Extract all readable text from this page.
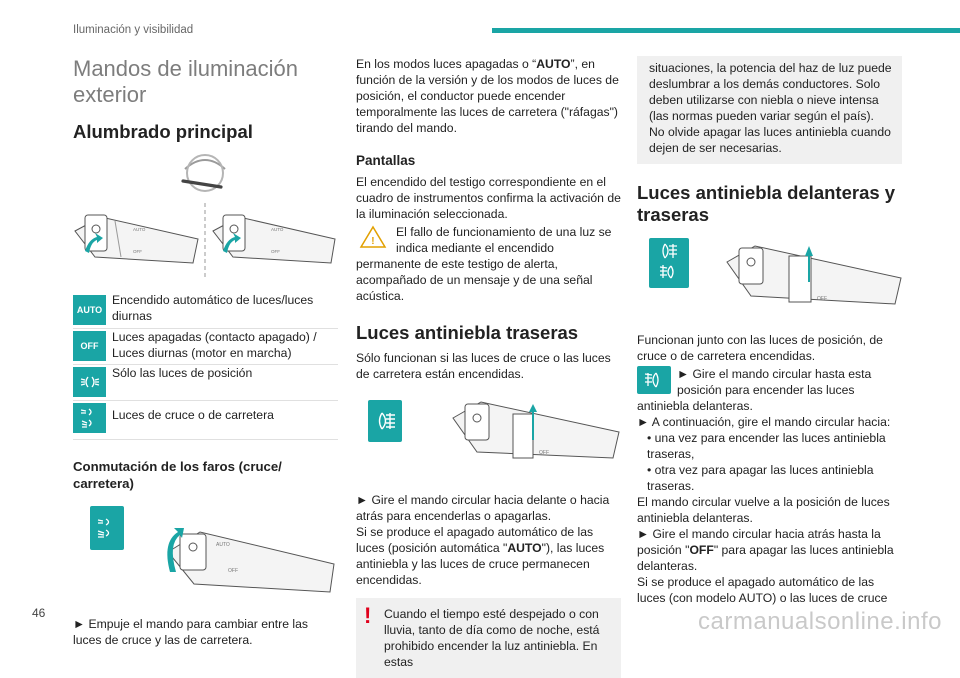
Iluminación y visibilidad
Mandos de iluminación exterior
Alumbrado principal

AUTO
OFF
AUTO
OFF
AUTO
Encendido automático de luces/luces diurnas
OFF
Luces apagadas (contacto apagado) / Luces diurnas (motor en marcha)
Sólo las luces de posición
Luces de cruce o de carretera
Conmutación de los faros (cruce/ carretera)
AUTO
OFF

► Empuje el mando para cambiar entre las luces de cruce y las de carretera.

En los modos luces apagadas o “AUTO”, en función de la versión y de los modos de luces de posición, el conductor puede encender temporalmente las luces de carretera ("ráfagas") tirando del mando.

Pantallas

El encendido del testigo correspondiente en el cuadro de instrumentos confirma la activación de la iluminación seleccionada.

!
El fallo de funcionamiento de una luz se indica mediante el encendido permanente de este testigo de alerta, acompañado de un mensaje y de una señal acústica.
Luces antiniebla traseras

Sólo funcionan si las luces de cruce o las luces de carretera están encendidas.

OFF

► Gire el mando circular hacia delante o hacia atrás para encenderlas o apagarlas.

Si se produce el apagado automático de las luces (posición automática "AUTO"), las luces antiniebla y las luces de cruce permanecen encendidas.

!	Cuando el tiempo esté despejado o con lluvia, tanto de día como de noche, está prohibido encender la luz antiniebla. En estas
situaciones, la potencia del haz de luz puede deslumbrar a los demás conductores. Solo deben utilizarse con niebla o nieve intensa (las normas pueden variar según el país). No olvide apagar las luces antiniebla cuando dejen de ser necesarias.
Luces antiniebla delanteras y traseras
OFF

Funcionan junto con las luces de posición, de cruce o de carretera encendidas.

► Gire el mando circular hasta esta posición para encender las luces antiniebla delanteras.

► A continuación, gire el mando circular hacia:

• una vez para encender las luces antiniebla traseras,

• otra vez para apagar las luces antiniebla traseras.

El mando circular vuelve a la posición de luces antiniebla delanteras.

► Gire el mando circular hacia atrás hasta la posición "OFF" para apagar las luces antiniebla delanteras.

Si se produce el apagado automático de las luces (con modelo AUTO) o las luces de cruce

46	carmanualsonline.info
